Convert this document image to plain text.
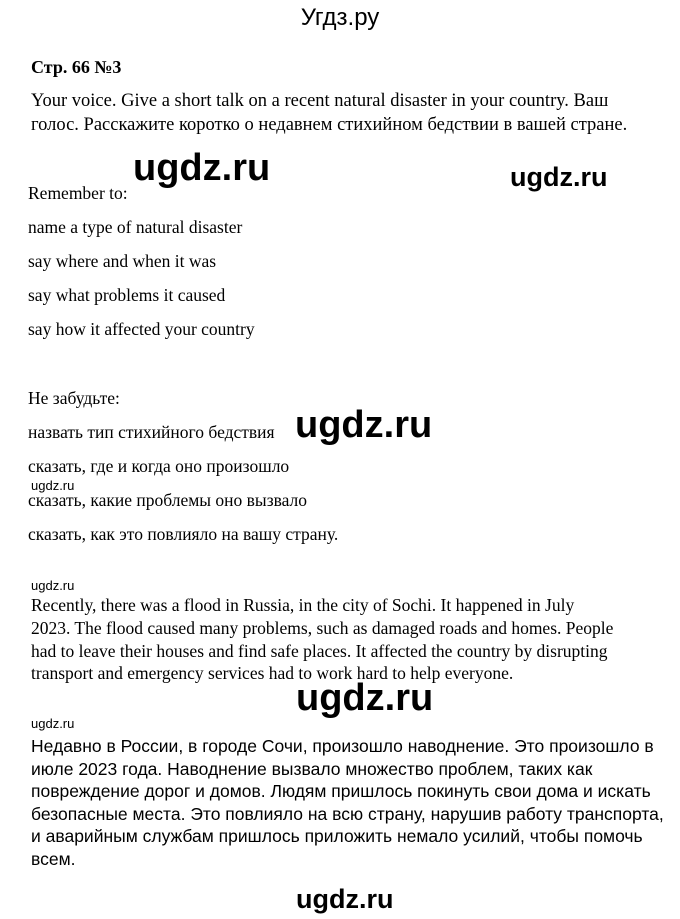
Угдз.ру
Стр. 66 №3
Your voice. Give a short talk on a recent natural disaster in your country. Ваш
голос. Расскажите коротко о недавнем стихийном бедствии в вашей стране.
Remember to:
name a type of natural disaster
say where and when it was
say what problems it caused
say how it affected your country
Не забудьте:
назвать тип стихийного бедствия
сказать, где и когда оно произошло
сказать, какие проблемы оно вызвало
сказать, как это повлияло на вашу страну.
Recently, there was a flood in Russia, in the city of Sochi. It happened in July
2023. The flood caused many problems, such as damaged roads and homes. People
had to leave their houses and find safe places. It affected the country by disrupting
transport and emergency services had to work hard to help everyone.
Недавно в России, в городе Сочи, произошло наводнение. Это произошло в
июле 2023 года. Наводнение вызвало множество проблем, таких как
повреждение дорог и домов. Людям пришлось покинуть свои дома и искать
безопасные места. Это повлияло на всю страну, нарушив работу транспорта,
и аварийным службам пришлось приложить немало усилий, чтобы помочь
всем.
ugdz.ru	ugdz.ru
ugdz.ru
ugdz.ru
ugdz.ru
ugdz.ru
ugdz.ru
ugdz.ru
